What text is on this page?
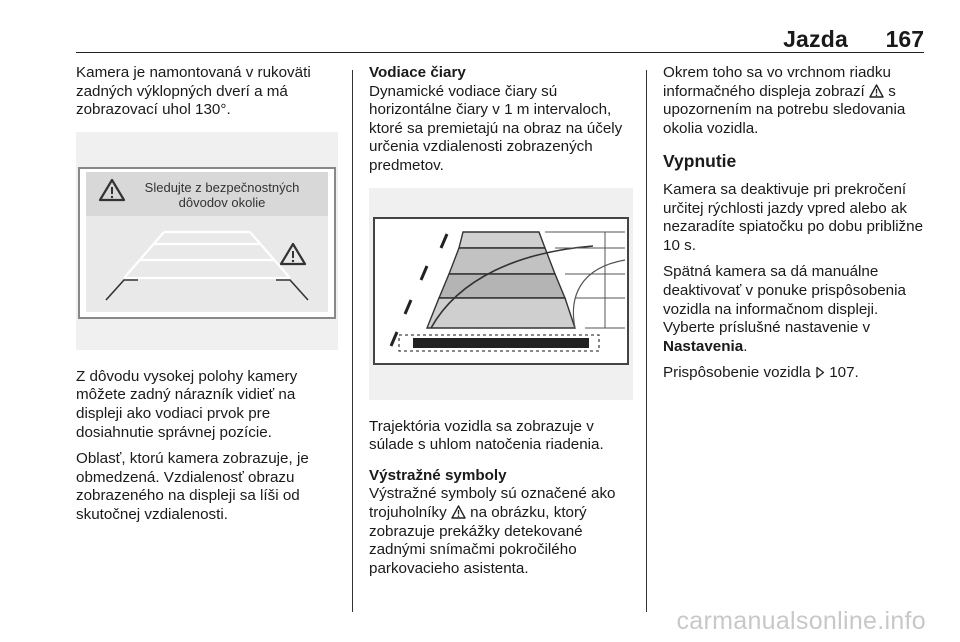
Jazda 167

Kamera je namontovaná v rukoväti zadných výklopných dverí a má zobrazovací uhol 130°.

Sledujte z bezpečnostných
dôvodov okolie

Z dôvodu vysokej polohy kamery môžete zadný nárazník vidieť na displeji ako vodiaci prvok pre dosiahnutie správnej pozície.

Oblasť, ktorú kamera zobrazuje, je obmedzená. Vzdialenosť obrazu zobrazeného na displeji sa líši od skutočnej vzdialenosti.

Vodiace čiary

Dynamické vodiace čiary sú horizontálne čiary v 1 m intervaloch, ktoré sa premietajú na obraz na účely určenia vzdialenosti zobrazených predmetov.

Trajektória vozidla sa zobrazuje v súlade s uhlom natočenia riadenia.

Výstražné symboly

Výstražné symboly sú označené ako trojuholníky na obrázku, ktorý zobrazuje prekážky detekované zadnými snímačmi pokročilého parkovacieho asistenta.

Okrem toho sa vo vrchnom riadku informačného displeja zobrazí s upozornením na potrebu sledovania okolia vozidla.

Vypnutie

Kamera sa deaktivuje pri prekročení určitej rýchlosti jazdy vpred alebo ak nezaradíte spiatočku po dobu približne 10 s.

Spätná kamera sa dá manuálne deaktivovať v ponuke prispôsobenia vozidla na informačnom displeji. Vyberte príslušné nastavenie v Nastavenia.

Prispôsobenie vozidla 107.

carmanualsonline.info
